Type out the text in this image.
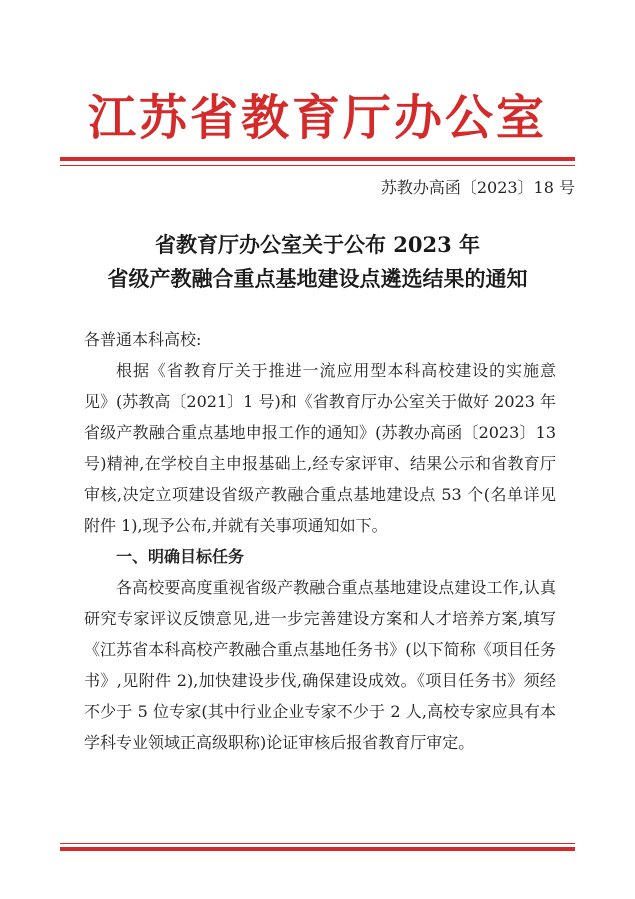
江苏省教育厅办公室
苏教办高函〔2023〕18 号
省教育厅办公室关于公布 2023 年
省级产教融合重点基地建设点遴选结果的通知

各普通本科高校:

根据《省教育厅关于推进一流应用型本科高校建设的实施意见》(苏教高〔2021〕1 号)和《省教育厅办公室关于做好 2023 年省级产教融合重点基地申报工作的通知》(苏教办高函〔2023〕13 号)精神,在学校自主申报基础上,经专家评审、结果公示和省教育厅审核,决定立项建设省级产教融合重点基地建设点 53 个(名单详见附件 1),现予公布,并就有关事项通知如下。

一、明确目标任务

各高校要高度重视省级产教融合重点基地建设点建设工作,认真研究专家评议反馈意见,进一步完善建设方案和人才培养方案,填写《江苏省本科高校产教融合重点基地任务书》(以下简称《项目任务书》,见附件 2),加快建设步伐,确保建设成效。《项目任务书》须经不少于 5 位专家(其中行业企业专家不少于 2 人,高校专家应具有本学科专业领域正高级职称)论证审核后报省教育厅审定。
